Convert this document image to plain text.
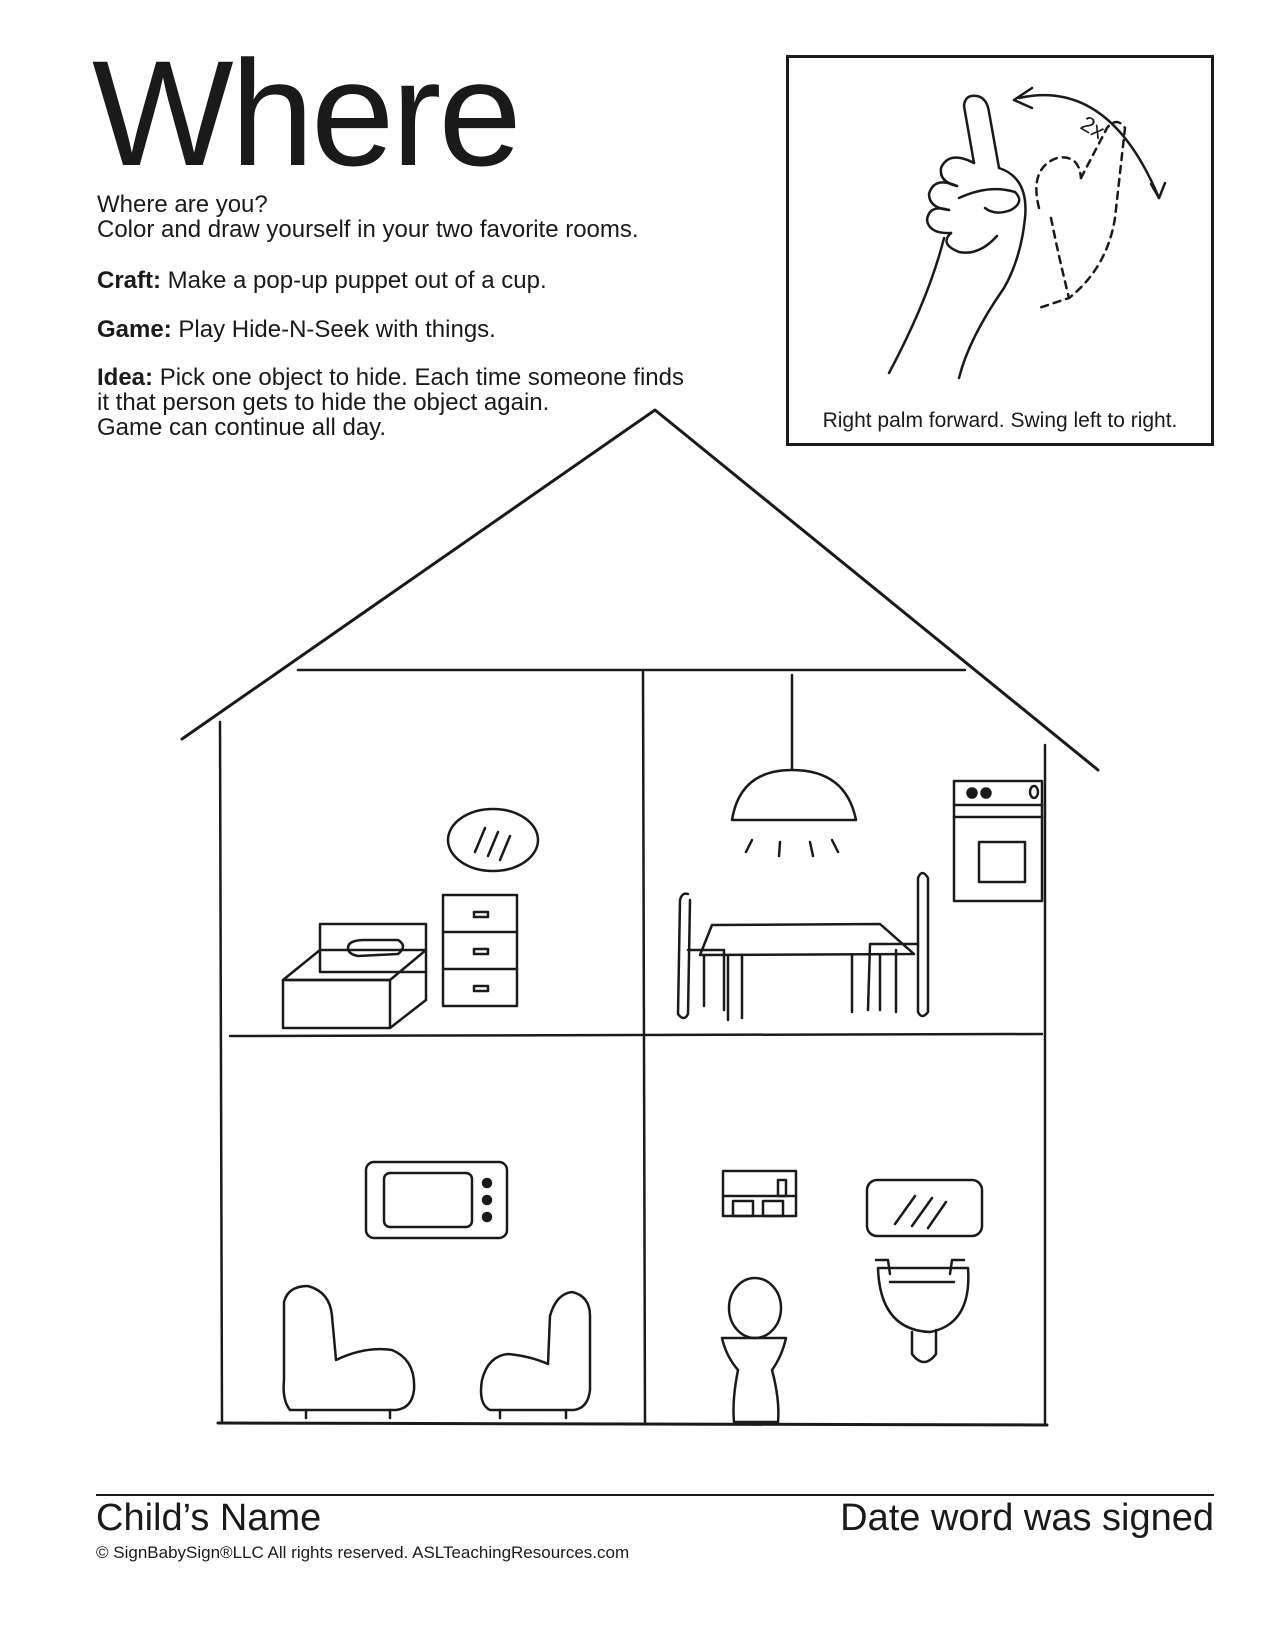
Where
Where are you?
Color and draw yourself in your two favorite rooms.
Craft: Make a pop-up puppet out of a cup.
Game: Play Hide-N-Seek with things.
Idea: Pick one object to hide. Each time someone finds
it that person gets to hide the object again.
Game can continue all day.
2x
Right palm forward. Swing left to right.
Child’s Name	Date word was signed
© SignBabySign®LLC All rights reserved. ASLTeachingResources.com
